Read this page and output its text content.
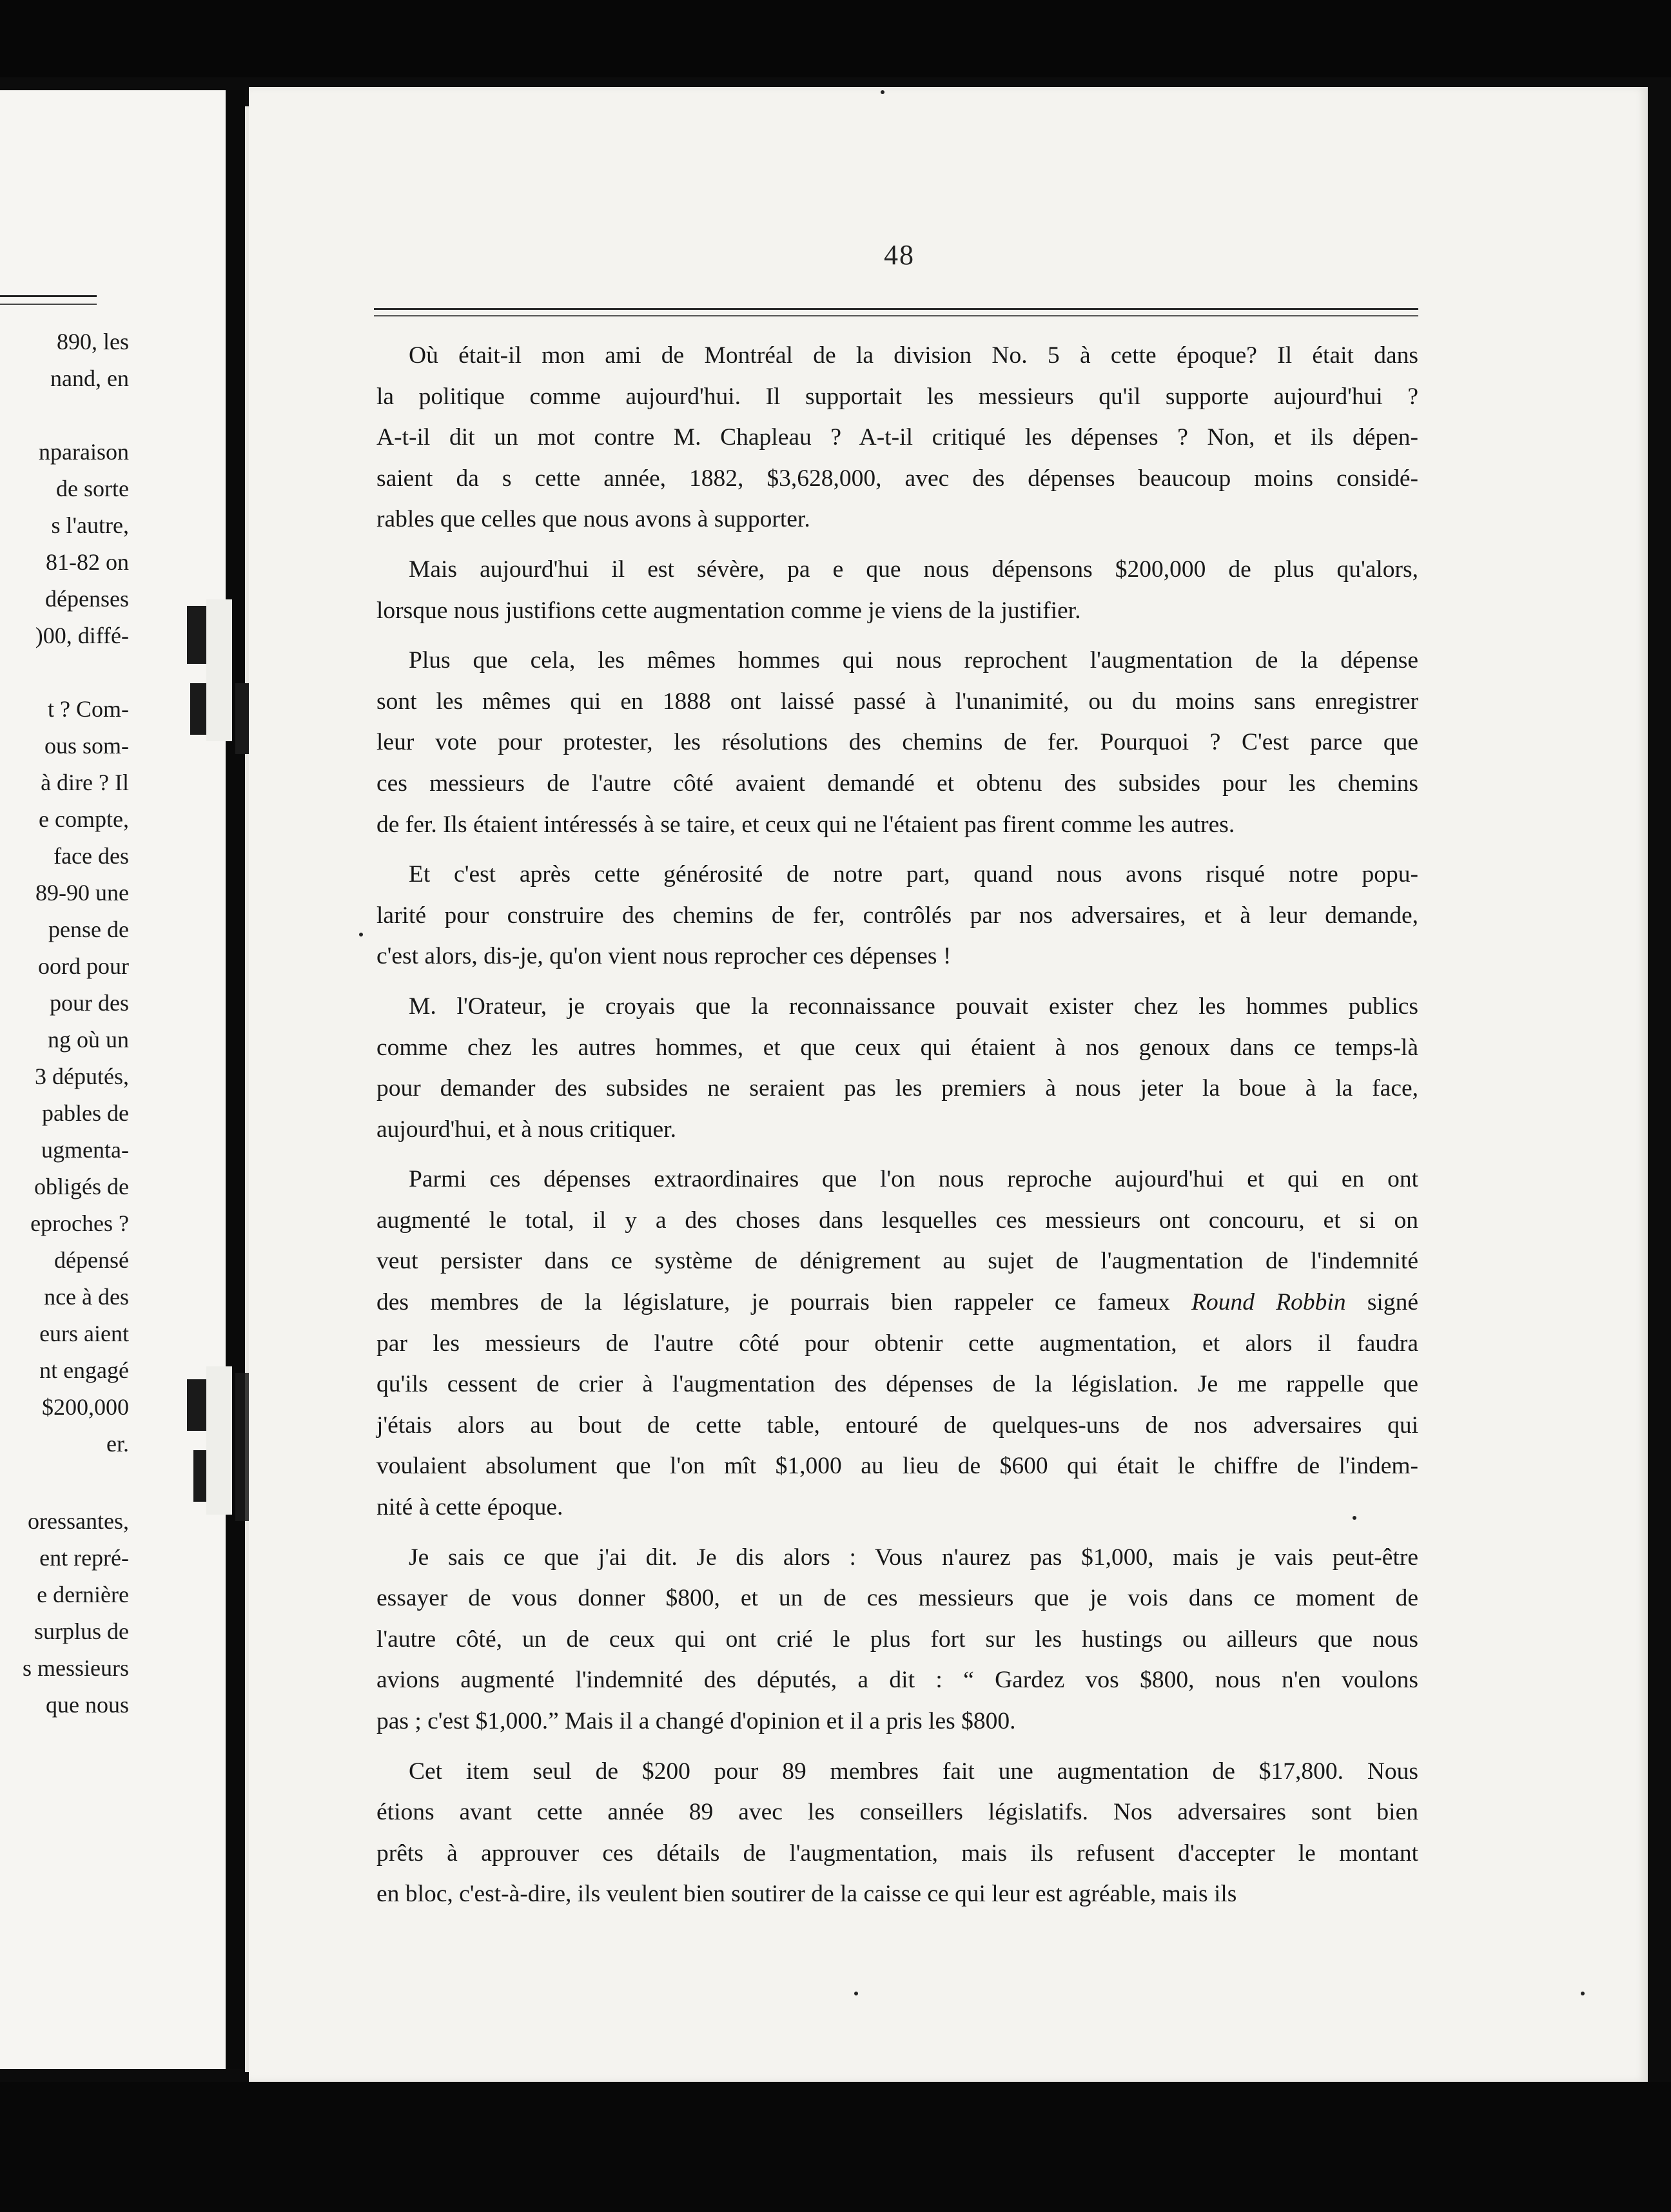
890, les
nand, en
nparaison
de sorte
s l'autre,
81-82 on
dépenses
)00, diffé-
t ? Com-
ous som-
à dire ? Il
e compte,
face des
89-90 une
pense de
oord pour
pour des
ng où un
3 députés,
pables de
ugmenta-
obligés de
eproches ?
dépensé
nce à des
eurs aient
nt engagé
$200,000
er.
oressantes,
ent repré-
e dernière
surplus de
s messieurs
que nous
48
Où était-il mon ami de Montréal de la division No. 5 à cette époque? Il était dans
la politique comme aujourd'hui. Il supportait les messieurs qu'il supporte aujourd'hui ?
A-t-il dit un mot contre M. Chapleau ? A-t-il critiqué les dépenses ? Non, et ils dépen-
saient da s cette année, 1882, $3,628,000, avec des dépenses beaucoup moins considé-
rables que celles que nous avons à supporter.
Mais aujourd'hui il est sévère, pa e que nous dépensons $200,000 de plus qu'alors,
lorsque nous justifions cette augmentation comme je viens de la justifier.
Plus que cela, les mêmes hommes qui nous reprochent l'augmentation de la dépense
sont les mêmes qui en 1888 ont laissé passé à l'unanimité, ou du moins sans enregistrer
leur vote pour protester, les résolutions des chemins de fer. Pourquoi ? C'est parce que
ces messieurs de l'autre côté avaient demandé et obtenu des subsides pour les chemins
de fer. Ils étaient intéressés à se taire, et ceux qui ne l'étaient pas firent comme les autres.
Et c'est après cette générosité de notre part, quand nous avons risqué notre popu-
larité pour construire des chemins de fer, contrôlés par nos adversaires, et à leur demande,
c'est alors, dis-je, qu'on vient nous reprocher ces dépenses !
M. l'Orateur, je croyais que la reconnaissance pouvait exister chez les hommes publics
comme chez les autres hommes, et que ceux qui étaient à nos genoux dans ce temps-là
pour demander des subsides ne seraient pas les premiers à nous jeter la boue à la face,
aujourd'hui, et à nous critiquer.
Parmi ces dépenses extraordinaires que l'on nous reproche aujourd'hui et qui en ont
augmenté le total, il y a des choses dans lesquelles ces messieurs ont concouru, et si on
veut persister dans ce système de dénigrement au sujet de l'augmentation de l'indemnité
des membres de la législature, je pourrais bien rappeler ce fameux Round Robbin signé
par les messieurs de l'autre côté pour obtenir cette augmentation, et alors il faudra
qu'ils cessent de crier à l'augmentation des dépenses de la législation. Je me rappelle que
j'étais alors au bout de cette table, entouré de quelques-uns de nos adversaires qui
voulaient absolument que l'on mît $1,000 au lieu de $600 qui était le chiffre de l'indem-
nité à cette époque.
Je sais ce que j'ai dit. Je dis alors : Vous n'aurez pas $1,000, mais je vais peut-être
essayer de vous donner $800, et un de ces messieurs que je vois dans ce moment de
l'autre côté, un de ceux qui ont crié le plus fort sur les hustings ou ailleurs que nous
avions augmenté l'indemnité des députés, a dit : “ Gardez vos $800, nous n'en voulons
pas ; c'est $1,000.” Mais il a changé d'opinion et il a pris les $800.
Cet item seul de $200 pour 89 membres fait une augmentation de $17,800. Nous
étions avant cette année 89 avec les conseillers législatifs. Nos adversaires sont bien
prêts à approuver ces détails de l'augmentation, mais ils refusent d'accepter le montant
en bloc, c'est-à-dire, ils veulent bien soutirer de la caisse ce qui leur est agréable, mais ils
